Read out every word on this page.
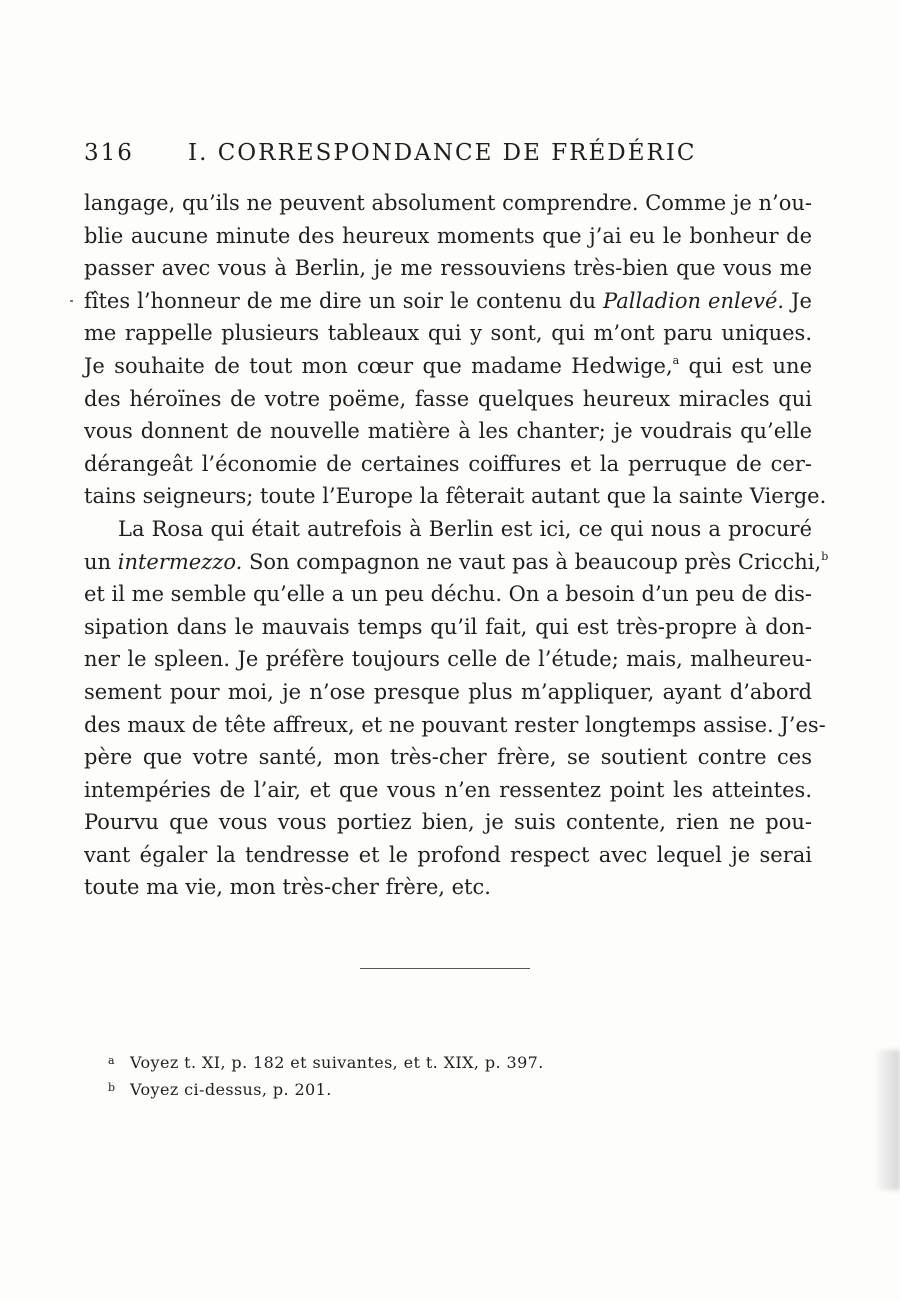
316 I. CORRESPONDANCE DE FRÉDÉRIC
langage, qu’ils ne peuvent absolument comprendre. Comme je n’ou-
blie aucune minute des heureux moments que j’ai eu le bonheur de
passer avec vous à Berlin, je me ressouviens très-bien que vous me
fîtes l’honneur de me dire un soir le contenu du Palladion enlevé. Je
me rappelle plusieurs tableaux qui y sont, qui m’ont paru uniques.
Je souhaite de tout mon cœur que madame Hedwige,$^a$ qui est une
des héroïnes de votre poëme, fasse quelques heureux miracles qui
vous donnent de nouvelle matière à les chanter; je voudrais qu’elle
dérangeât l’économie de certaines coiffures et la perruque de cer-
tains seigneurs; toute l’Europe la fêterait autant que la sainte Vierge.
La Rosa qui était autrefois à Berlin est ici, ce qui nous a procuré
un intermezzo. Son compagnon ne vaut pas à beaucoup près Cricchi,$^b$
et il me semble qu’elle a un peu déchu. On a besoin d’un peu de dis-
sipation dans le mauvais temps qu’il fait, qui est très-propre à don-
ner le spleen. Je préfère toujours celle de l’étude; mais, malheureu-
sement pour moi, je n’ose presque plus m’appliquer, ayant d’abord
des maux de tête affreux, et ne pouvant rester longtemps assise. J’es-
père que votre santé, mon très-cher frère, se soutient contre ces
intempéries de l’air, et que vous n’en ressentez point les atteintes.
Pourvu que vous vous portiez bien, je suis contente, rien ne pou-
vant égaler la tendresse et le profond respect avec lequel je serai
toute ma vie, mon très-cher frère, etc.
a Voyez t. XI, p. 182 et suivantes, et t. XIX, p. 397.
b Voyez ci-dessus, p. 201.
